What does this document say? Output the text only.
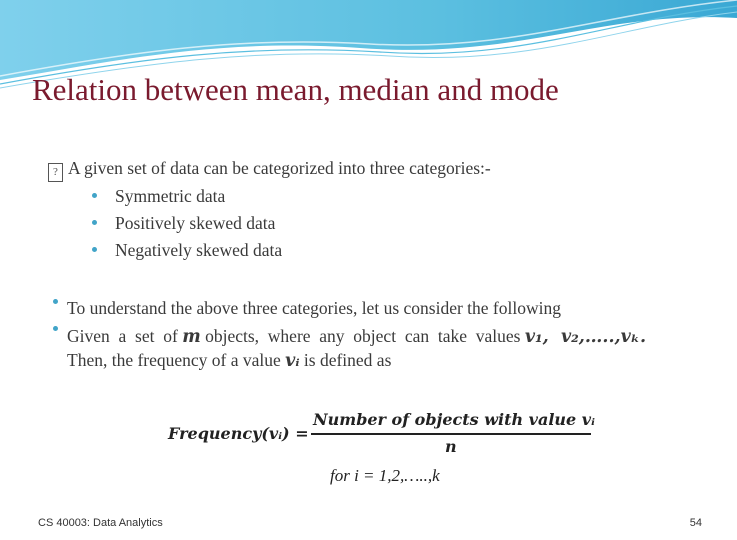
Relation between mean, median and mode
? A given set of data can be categorized into three categories:-
Symmetric data
Positively skewed data
Negatively skewed data
To understand the above three categories, let us consider the following
Given  a  set  of m objects,  where  any  object  can  take  values v₁,  v₂,…..,vₖ.
Then, the frequency of a value vᵢ is defined as
Frequency(vᵢ) =
Number of objects with value vᵢ
n
for i = 1,2,…..,k
CS 40003: Data Analytics	54
